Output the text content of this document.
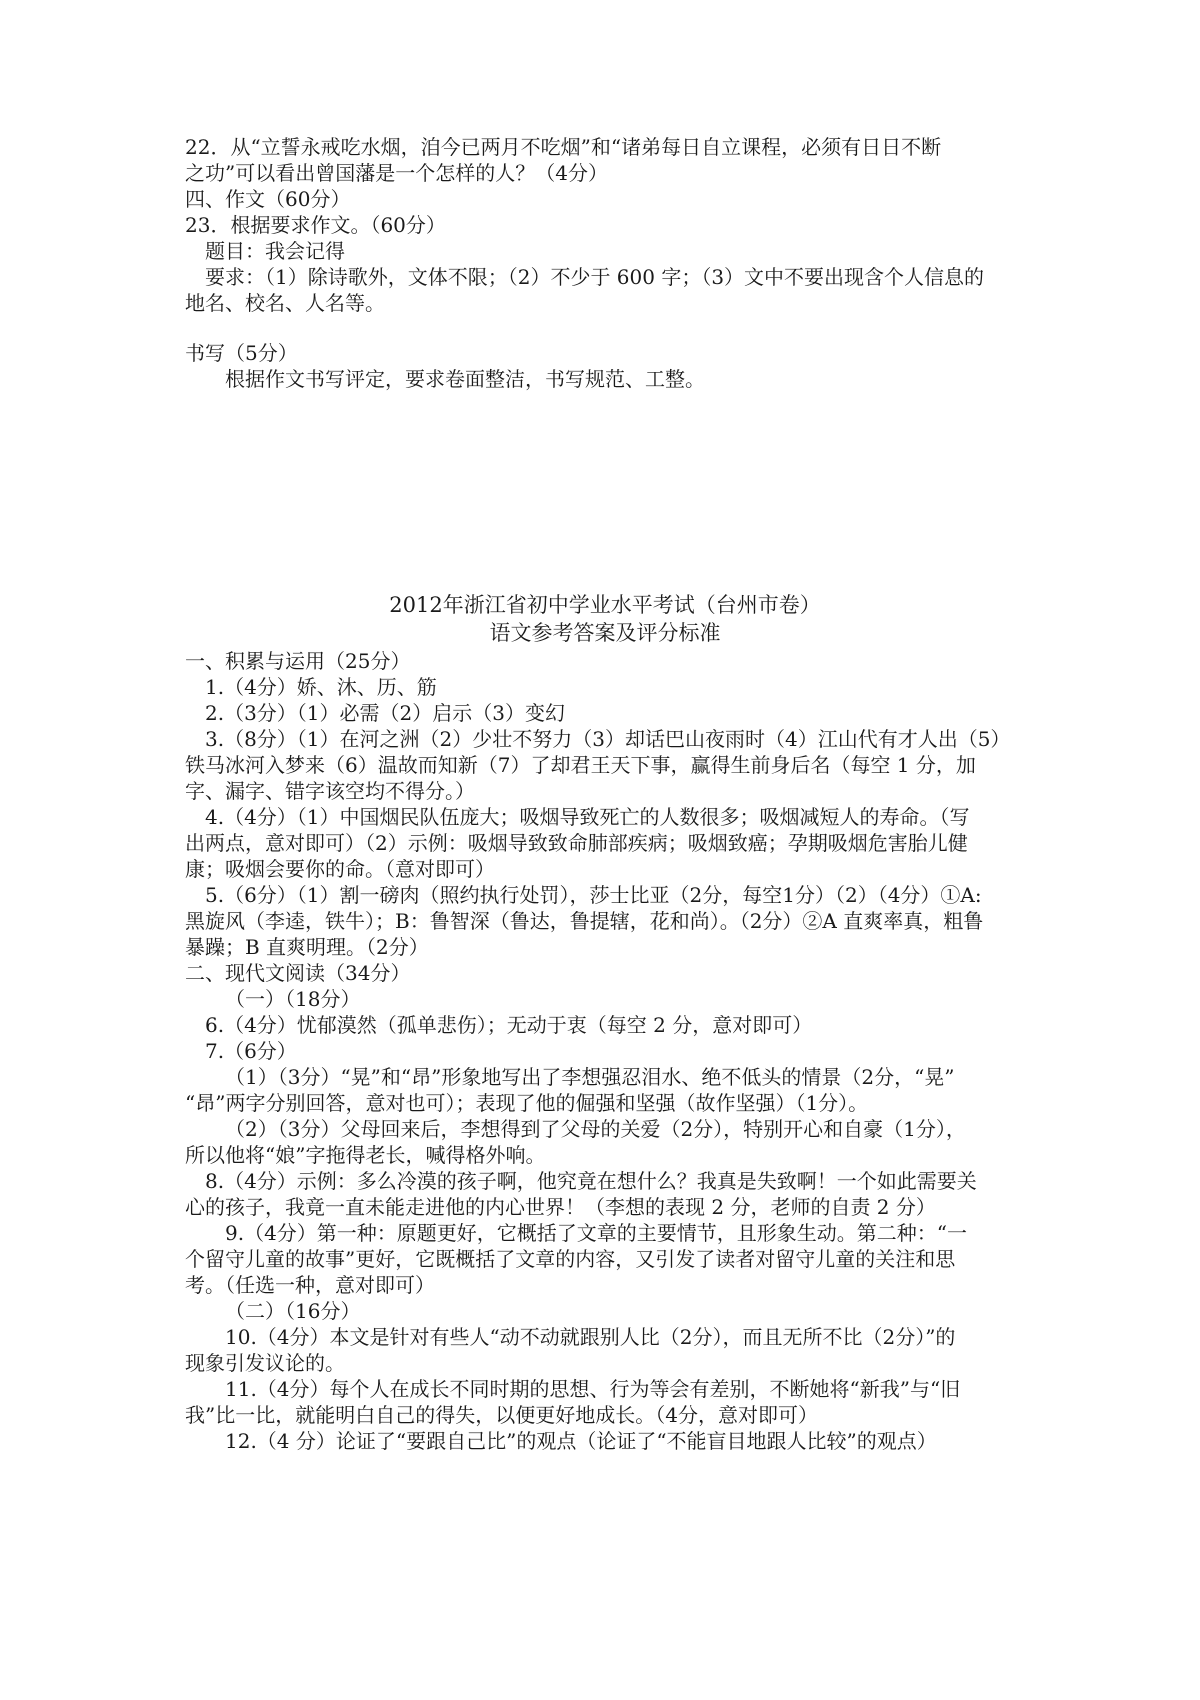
22．从“立誓永戒吃水烟，洎今已两月不吃烟”和“诸弟每日自立课程，必须有日日不断
之功”可以看出曾国藩是一个怎样的人？（4分）
四、作文（60分）
23．根据要求作文。（60分）
题目：我会记得
要求：（1）除诗歌外，文体不限；（2）不少于 600 字；（3）文中不要出现含个人信息的
地名、校名、人名等。
书写（5分）
根据作文书写评定，要求卷面整洁，书写规范、工整。
2012年浙江省初中学业水平考试（台州市卷）
语文参考答案及评分标准
一、积累与运用（25分）
1.（4分）娇、沐、历、筋
2.（3分）（1）必需（2）启示（3）变幻
3.（8分）（1）在河之洲（2）少壮不努力（3）却话巴山夜雨时（4）江山代有才人出（5）
铁马冰河入梦来（6）温故而知新（7）了却君王天下事，赢得生前身后名（每空 1 分，加
字、漏字、错字该空均不得分。）
4.（4分）（1）中国烟民队伍庞大；吸烟导致死亡的人数很多；吸烟减短人的寿命。（写
出两点，意对即可）（2）示例：吸烟导致致命肺部疾病；吸烟致癌；孕期吸烟危害胎儿健
康；吸烟会要你的命。（意对即可）
5.（6分）（1）割一磅肉（照约执行处罚），莎士比亚（2分，每空1分）（2）（4分）①A:
黑旋风（李逵，铁牛）；B：鲁智深（鲁达，鲁提辖，花和尚）。（2分）②A 直爽率真，粗鲁
暴躁；B 直爽明理。（2分）
二、现代文阅读（34分）
（一）（18分）
6.（4分）忧郁漠然（孤单悲伤）；无动于衷（每空 2 分，意对即可）
7.（6分）
（1）（3分）“晃”和“昂”形象地写出了李想强忍泪水、绝不低头的情景（2分，“晃”
“昂”两字分别回答，意对也可）；表现了他的倔强和坚强（故作坚强）（1分）。
（2）（3分）父母回来后，李想得到了父母的关爱（2分），特别开心和自豪（1分），
所以他将“娘”字拖得老长，喊得格外响。
8.（4分）示例：多么冷漠的孩子啊，他究竟在想什么？我真是失致啊！一个如此需要关
心的孩子，我竟一直未能走进他的内心世界！（李想的表现 2 分，老师的自责 2 分）
9.（4分）第一种：原题更好，它概括了文章的主要情节，且形象生动。第二种：“一
个留守儿童的故事”更好，它既概括了文章的内容，又引发了读者对留守儿童的关注和思
考。（任选一种，意对即可）
（二）（16分）
10.（4分）本文是针对有些人“动不动就跟别人比（2分），而且无所不比（2分）”的
现象引发议论的。
11.（4分）每个人在成长不同时期的思想、行为等会有差别，不断她将“新我”与“旧
我”比一比，就能明白自己的得失，以便更好地成长。（4分，意对即可）
12.（4 分）论证了“要跟自己比”的观点（论证了“不能盲目地跟人比较”的观点）
